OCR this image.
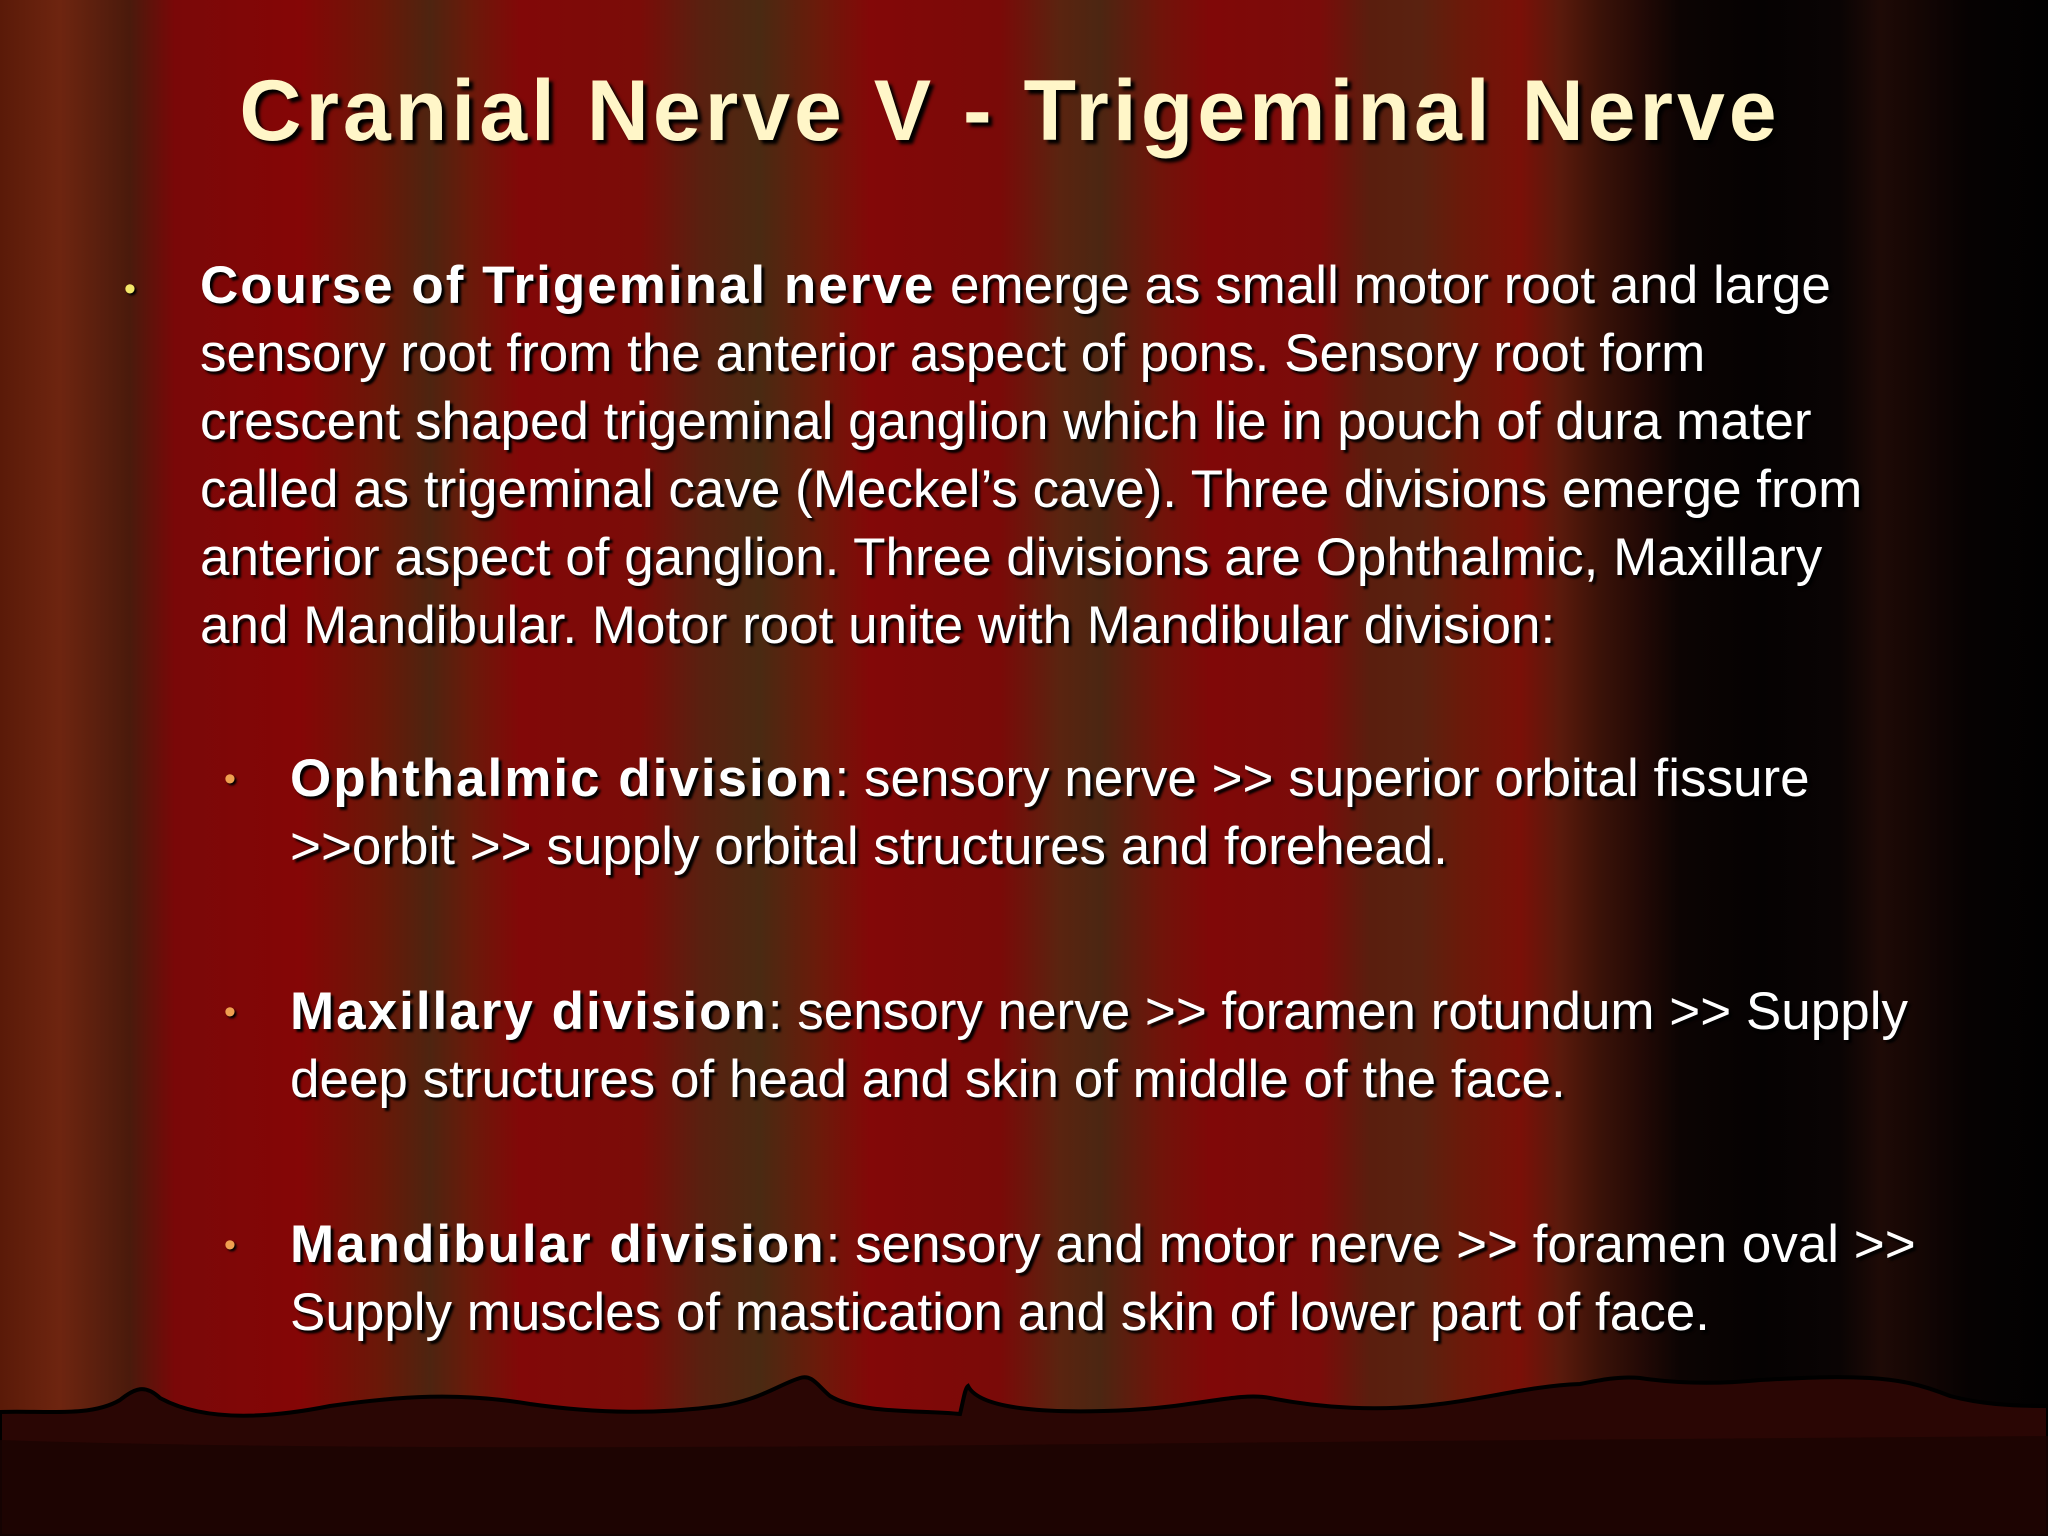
Cranial Nerve V - Trigeminal Nerve
• Course of Trigeminal nerve emerge as small motor root and large sensory root from the anterior aspect of pons. Sensory root form crescent shaped trigeminal ganglion which lie in pouch of dura mater called as trigeminal cave (Meckel’s cave). Three divisions emerge from anterior aspect of ganglion. Three divisions are Ophthalmic, Maxillary and Mandibular. Motor root unite with Mandibular division:
• Ophthalmic division: sensory nerve >> superior orbital fissure >>orbit >> supply orbital structures and forehead.
• Maxillary division: sensory nerve >> foramen rotundum >> Supply deep structures of head and skin of middle of the face.
• Mandibular division: sensory and motor nerve >> foramen oval >> Supply muscles of mastication and skin of lower part of face.
